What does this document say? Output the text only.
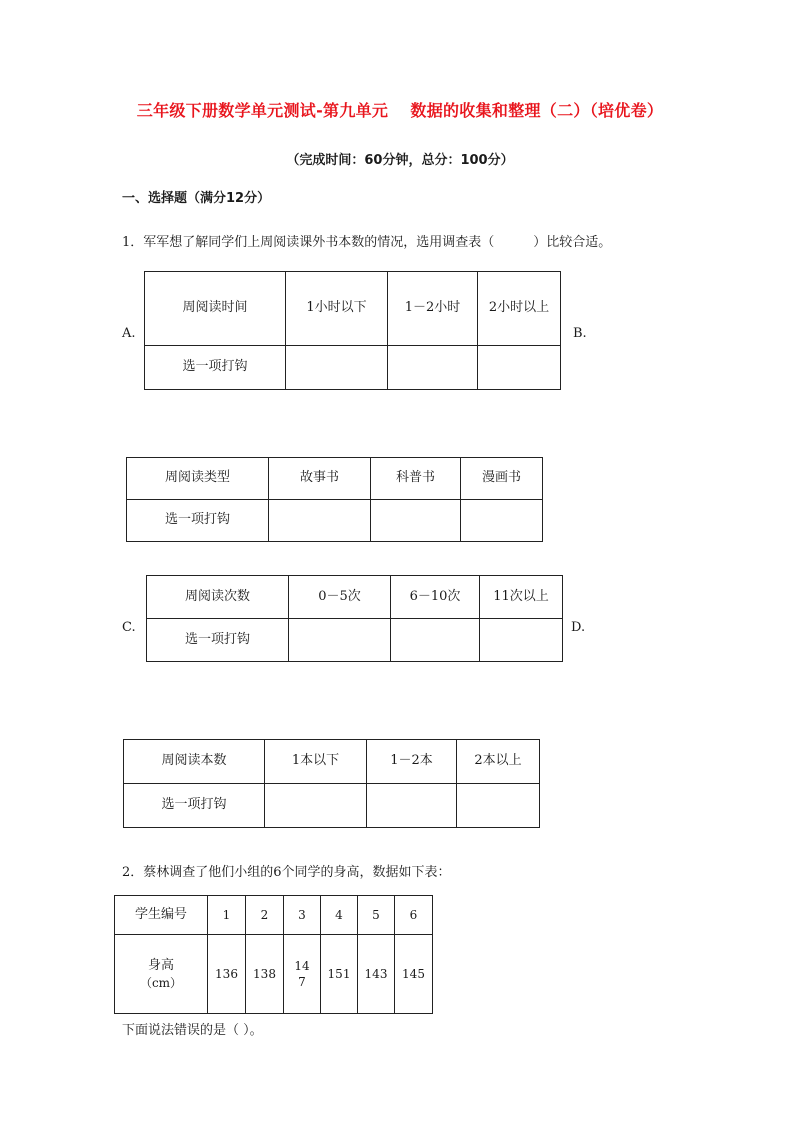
三年级下册数学单元测试-第九单元　 数据的收集和整理（二）（培优卷）
（完成时间：60分钟，总分：100分）
一、选择题（满分12分）
1．军军想了解同学们上周阅读课外书本数的情况，选用调查表（　　　）比较合适。
A.
周阅读时间	1小时以下	1－2小时	2小时以上
选一项打钩			
B.
周阅读类型	故事书	科普书	漫画书
选一项打钩			
C.
周阅读次数	0－5次	6－10次	11次以上
选一项打钩			
D.
周阅读本数	1本以下	1－2本	2本以上
选一项打钩			
2．蔡林调查了他们小组的6个同学的身高，数据如下表：
学生编号	1	2	3	4	5	6

身高
（cm）	136	138	147	151	143	145
下面说法错误的是（ ）。
